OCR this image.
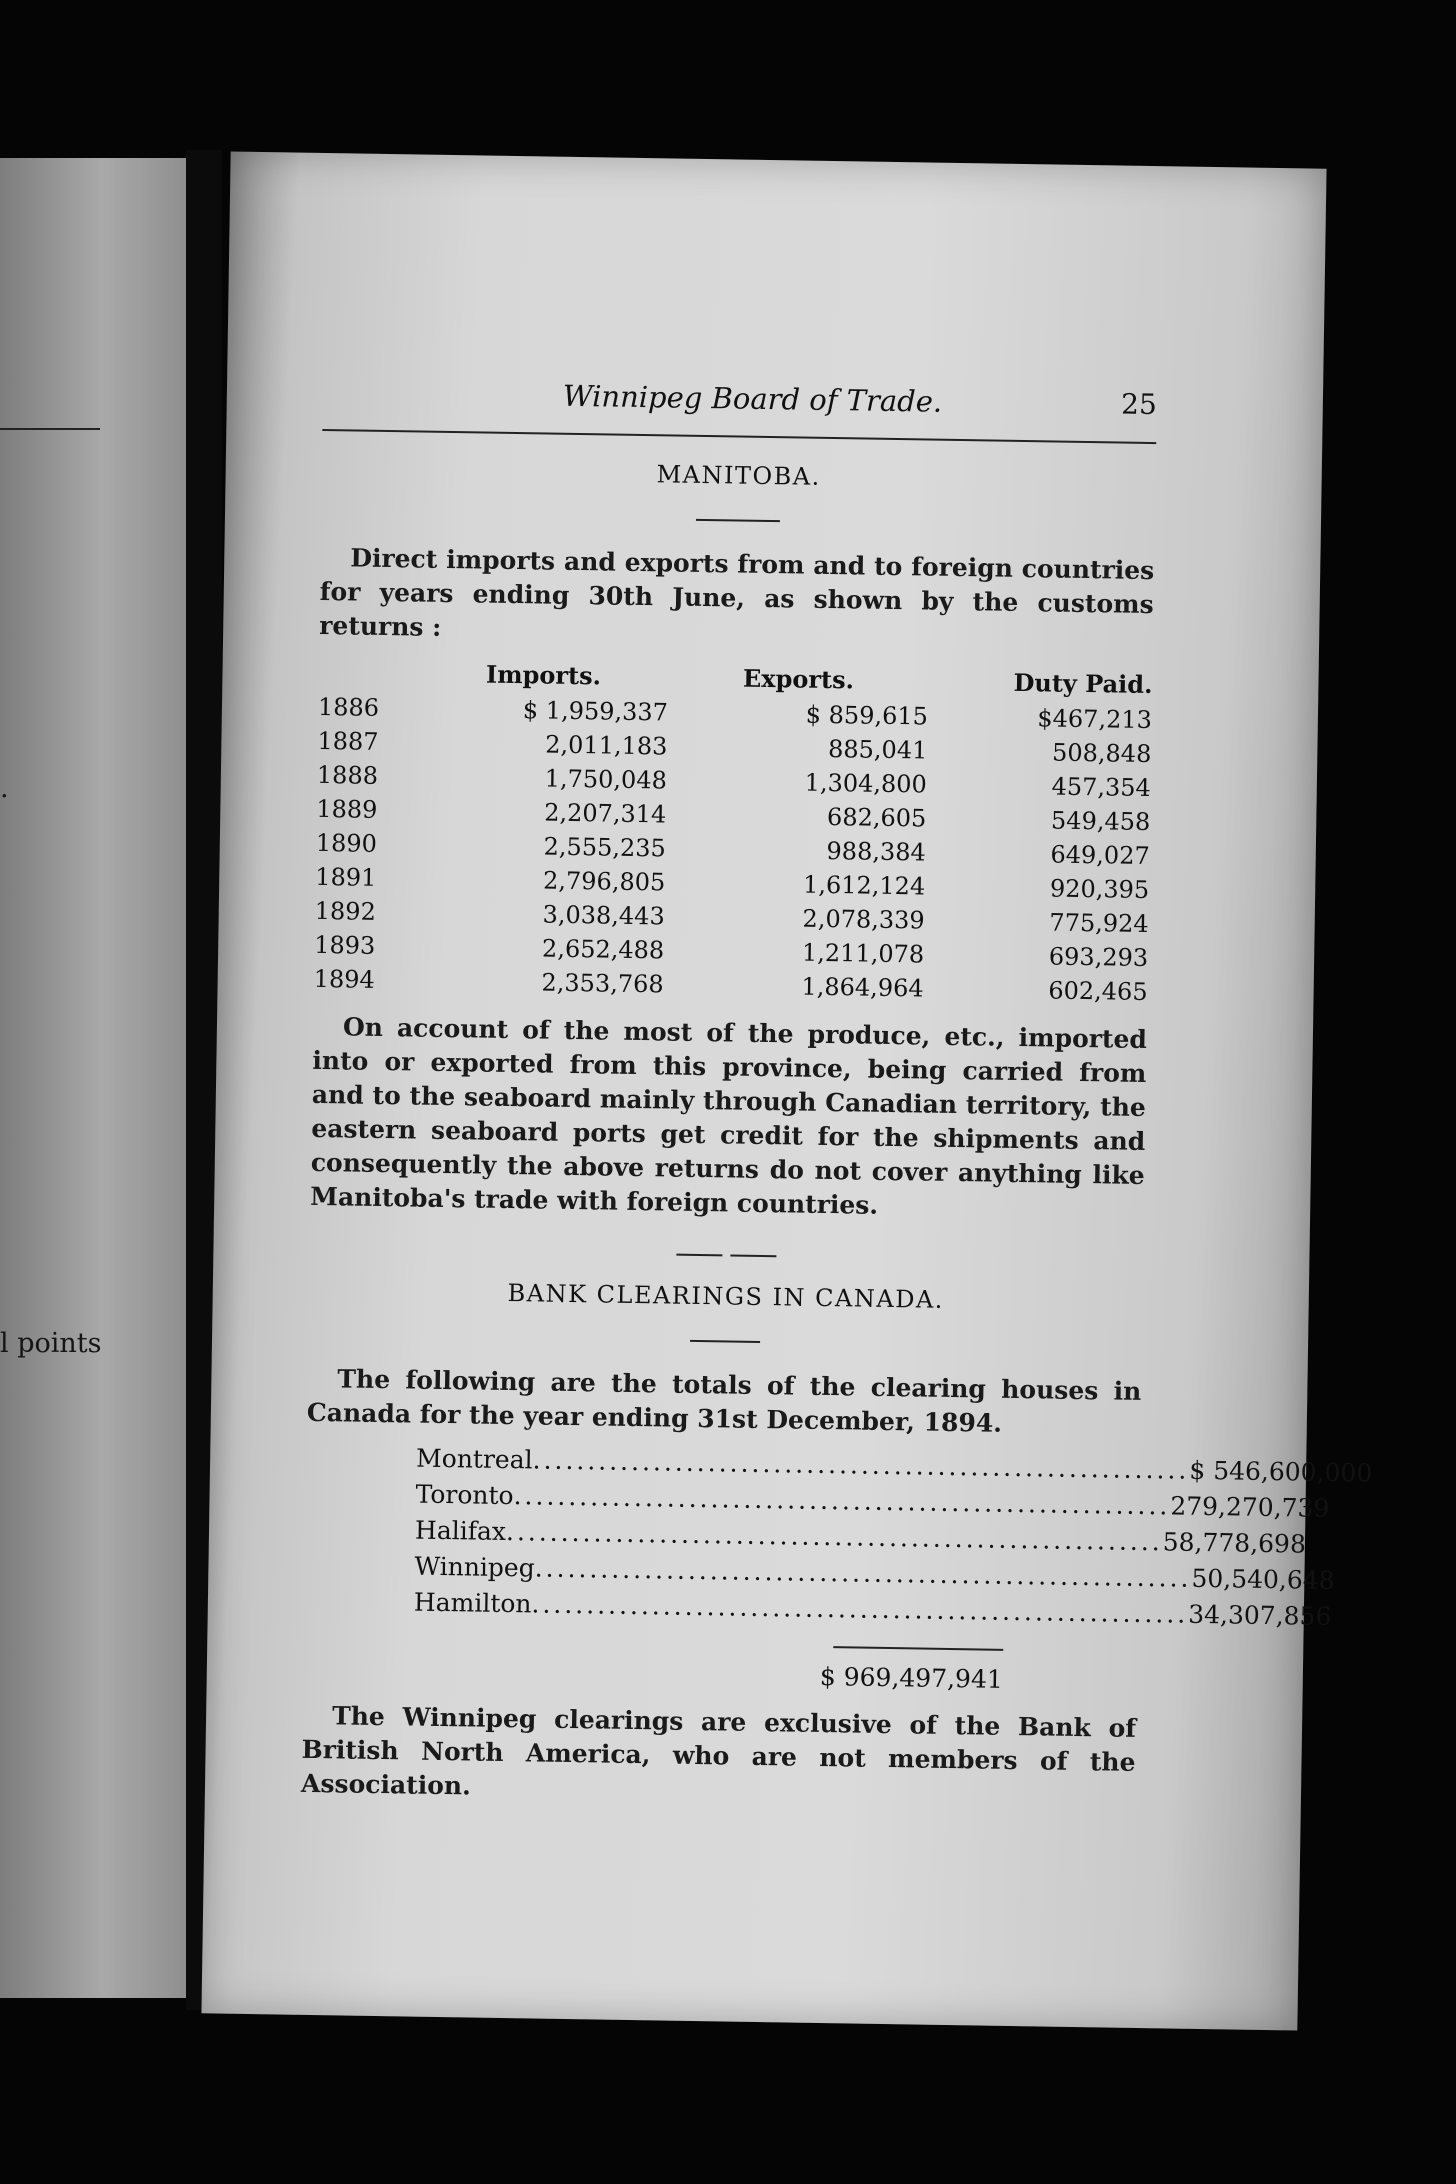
.
l points
Winnipeg Board of Trade.	25
MANITOBA.

Direct imports and exports from and to foreign countries for years ending 30th June, as shown by the customs returns :

	Imports.	Exports.	Duty Paid.
1886	$ 1,959,337	$ 859,615	$467,213
1887	2,011,183	885,041	508,848
1888	1,750,048	1,304,800	457,354
1889	2,207,314	682,605	549,458
1890	2,555,235	988,384	649,027
1891	2,796,805	1,612,124	920,395
1892	3,038,443	2,078,339	775,924
1893	2,652,488	1,211,078	693,293
1894	2,353,768	1,864,964	602,465

On account of the most of the produce, etc., imported into or exported from this province, being carried from and to the seaboard mainly through Canadian territory, the eastern seaboard ports get credit for the shipments and consequently the above returns do not cover anything like Manitoba's trade with foreign countries.

BANK CLEARINGS IN CANADA.

The following are the totals of the clearing houses in Canada for the year ending 31st December, 1894.

Montreal ............................................................ $ 546,600,000
Toronto ............................................................ 279,270,739
Halifax ............................................................ 58,778,698
Winnipeg ............................................................ 50,540,648
Hamilton ............................................................ 34,307,856
$ 969,497,941

The Winnipeg clearings are exclusive of the Bank of British North America, who are not members of the Association.
